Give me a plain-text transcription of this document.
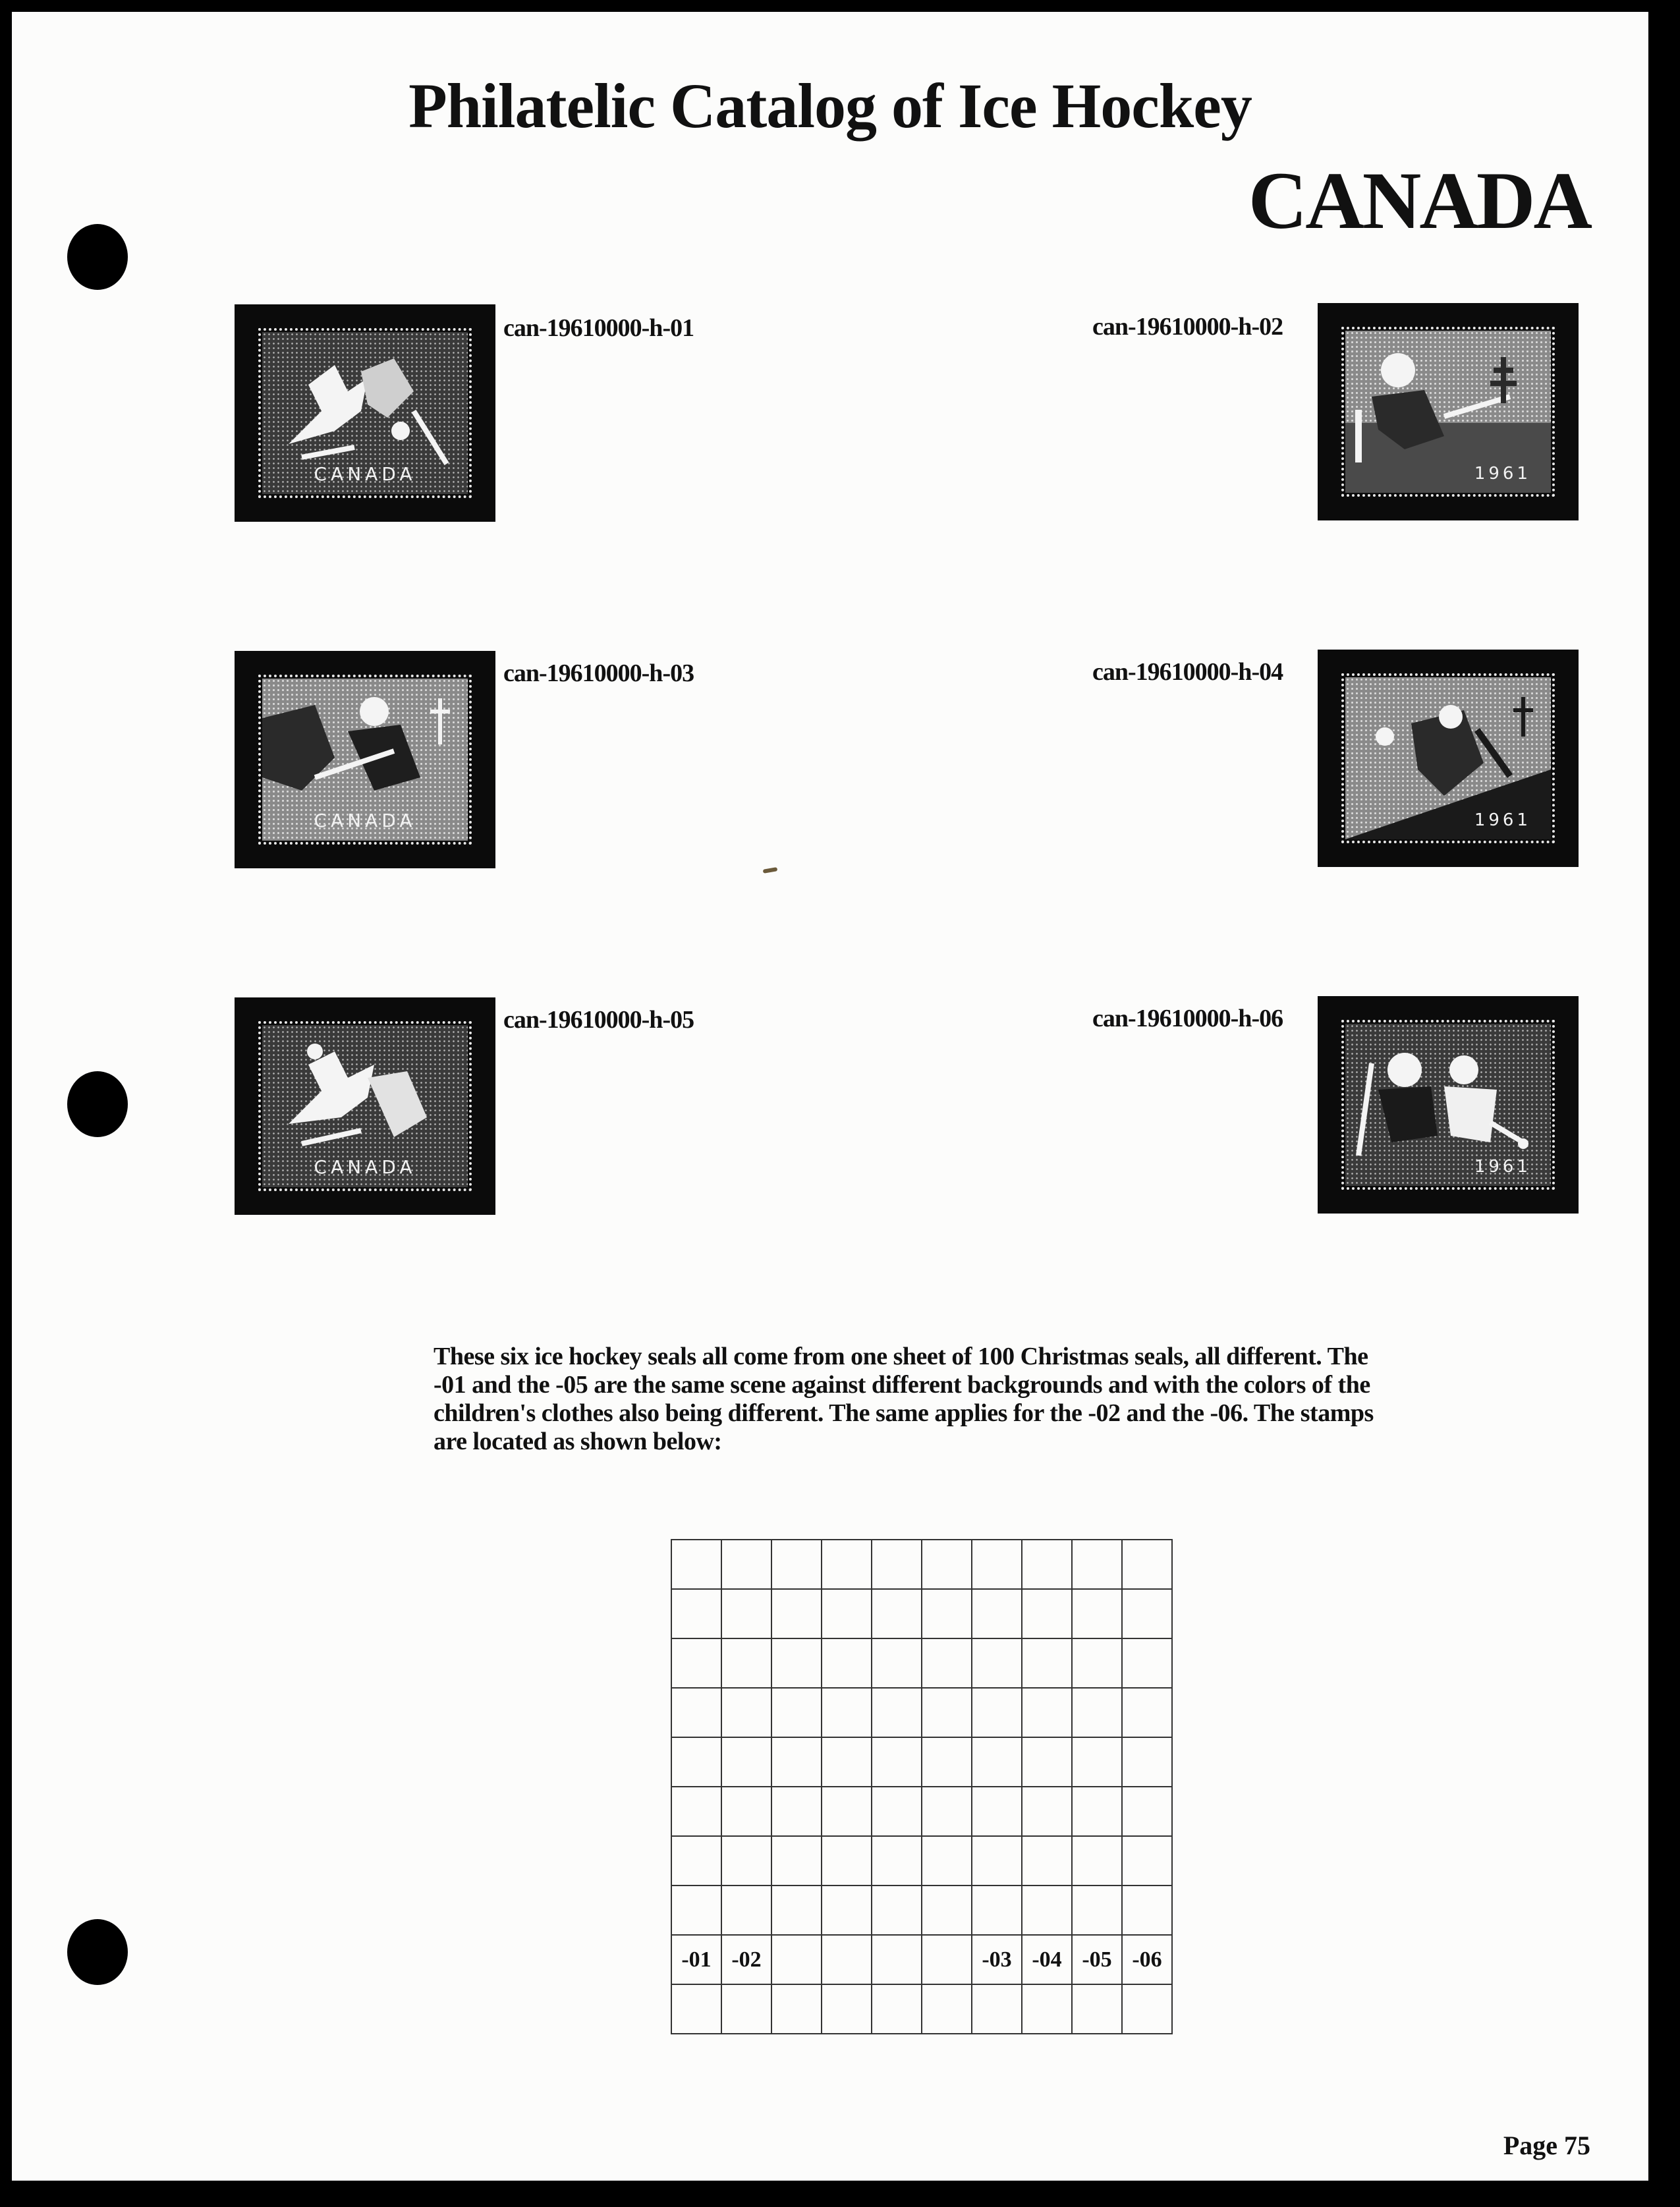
Philatelic Catalog of Ice Hockey
CANADA
CANADA
can-19610000-h-01
1961
can-19610000-h-02
CANADA
can-19610000-h-03
1961
can-19610000-h-04
CANADA
can-19610000-h-05
1961
can-19610000-h-06

These six ice hockey seals all come from one sheet of 100 Christmas seals, all different. The -01 and the -05 are the same scene against different backgrounds and with the colors of the children's clothes also being different. The same applies for the -02 and the -06. The stamps are located as shown below:

-01	-02					-03	-04	-05	-06

Page 75
